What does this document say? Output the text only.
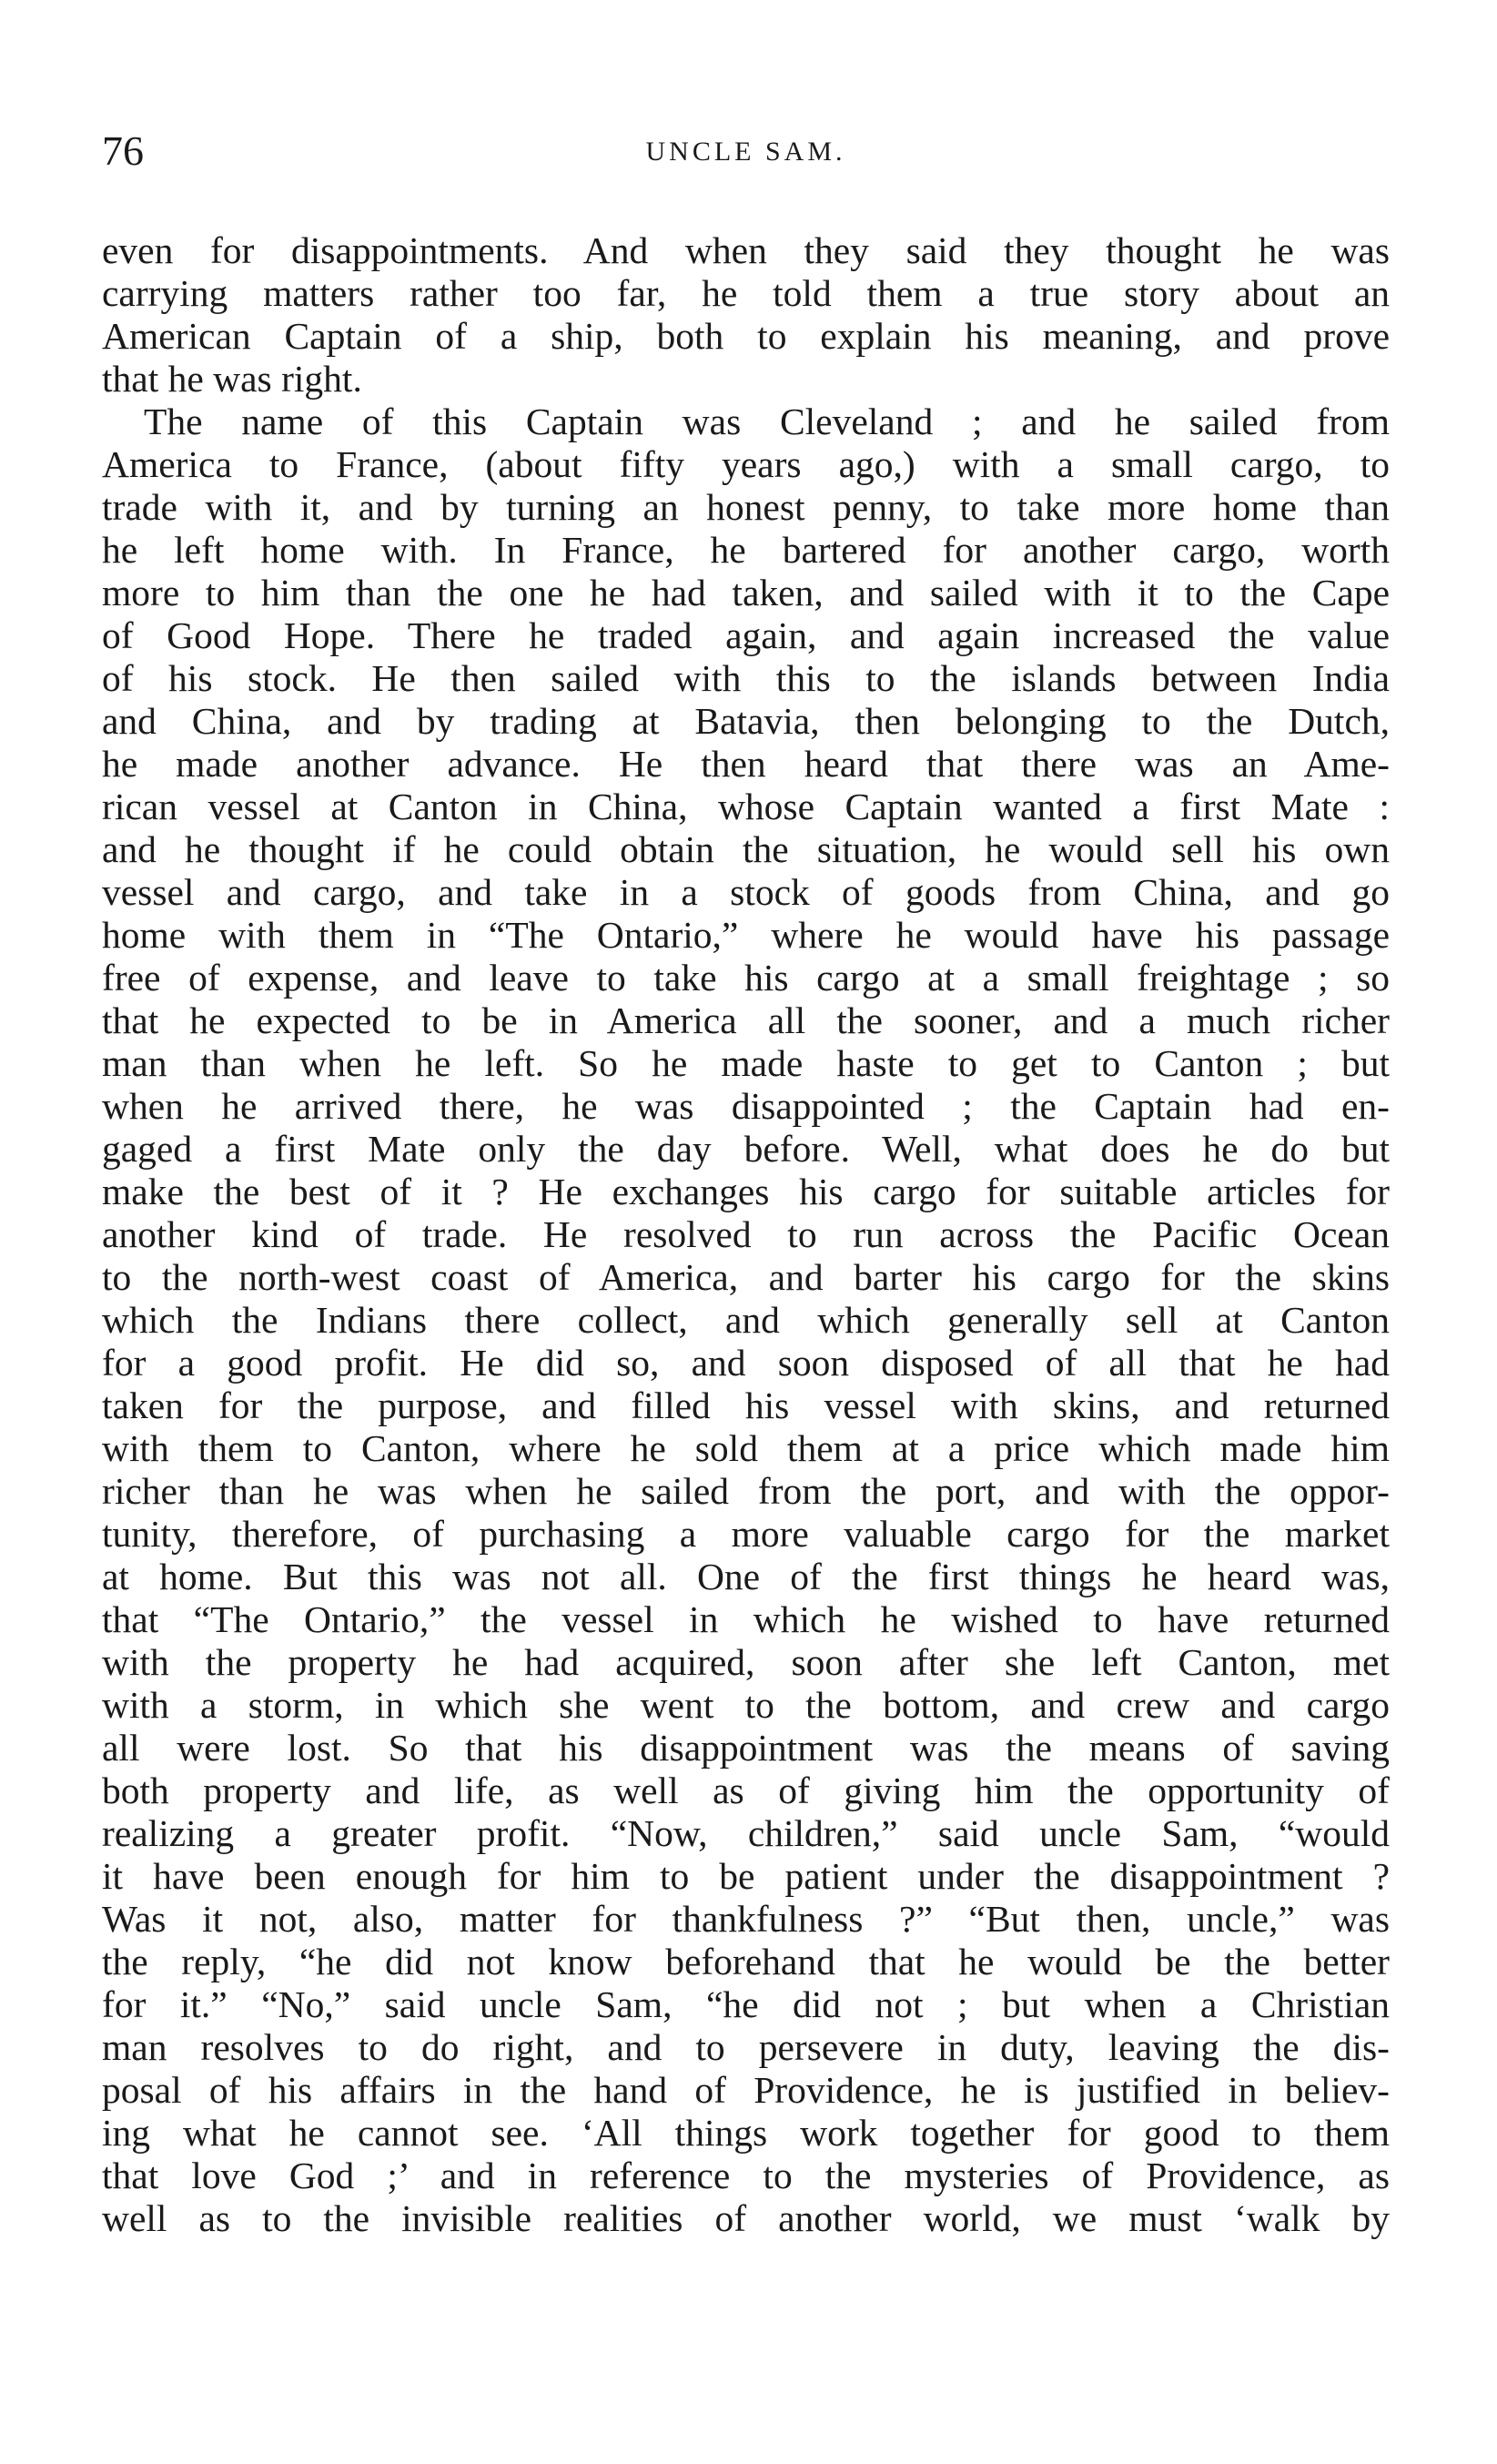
76	UNCLE SAM.
even for disappointments. And when they said they thought he was
carrying matters rather too far, he told them a true story about an
American Captain of a ship, both to explain his meaning, and prove
that he was right.
The name of this Captain was Cleveland ; and he sailed from
America to France, (about fifty years ago,) with a small cargo, to
trade with it, and by turning an honest penny, to take more home than
he left home with. In France, he bartered for another cargo, worth
more to him than the one he had taken, and sailed with it to the Cape
of Good Hope. There he traded again, and again increased the value
of his stock. He then sailed with this to the islands between India
and China, and by trading at Batavia, then belonging to the Dutch,
he made another advance. He then heard that there was an Ame-
rican vessel at Canton in China, whose Captain wanted a first Mate :
and he thought if he could obtain the situation, he would sell his own
vessel and cargo, and take in a stock of goods from China, and go
home with them in “The Ontario,” where he would have his passage
free of expense, and leave to take his cargo at a small freightage ; so
that he expected to be in America all the sooner, and a much richer
man than when he left. So he made haste to get to Canton ; but
when he arrived there, he was disappointed ; the Captain had en-
gaged a first Mate only the day before. Well, what does he do but
make the best of it ? He exchanges his cargo for suitable articles for
another kind of trade. He resolved to run across the Pacific Ocean
to the north-west coast of America, and barter his cargo for the skins
which the Indians there collect, and which generally sell at Canton
for a good profit. He did so, and soon disposed of all that he had
taken for the purpose, and filled his vessel with skins, and returned
with them to Canton, where he sold them at a price which made him
richer than he was when he sailed from the port, and with the oppor-
tunity, therefore, of purchasing a more valuable cargo for the market
at home. But this was not all. One of the first things he heard was,
that “The Ontario,” the vessel in which he wished to have returned
with the property he had acquired, soon after she left Canton, met
with a storm, in which she went to the bottom, and crew and cargo
all were lost. So that his disappointment was the means of saving
both property and life, as well as of giving him the opportunity of
realizing a greater profit. “Now, children,” said uncle Sam, “would
it have been enough for him to be patient under the disappointment ?
Was it not, also, matter for thankfulness ?” “But then, uncle,” was
the reply, “he did not know beforehand that he would be the better
for it.” “No,” said uncle Sam, “he did not ; but when a Christian
man resolves to do right, and to persevere in duty, leaving the dis-
posal of his affairs in the hand of Providence, he is justified in believ-
ing what he cannot see. ‘All things work together for good to them
that love God ;’ and in reference to the mysteries of Providence, as
well as to the invisible realities of another world, we must ‘walk by
